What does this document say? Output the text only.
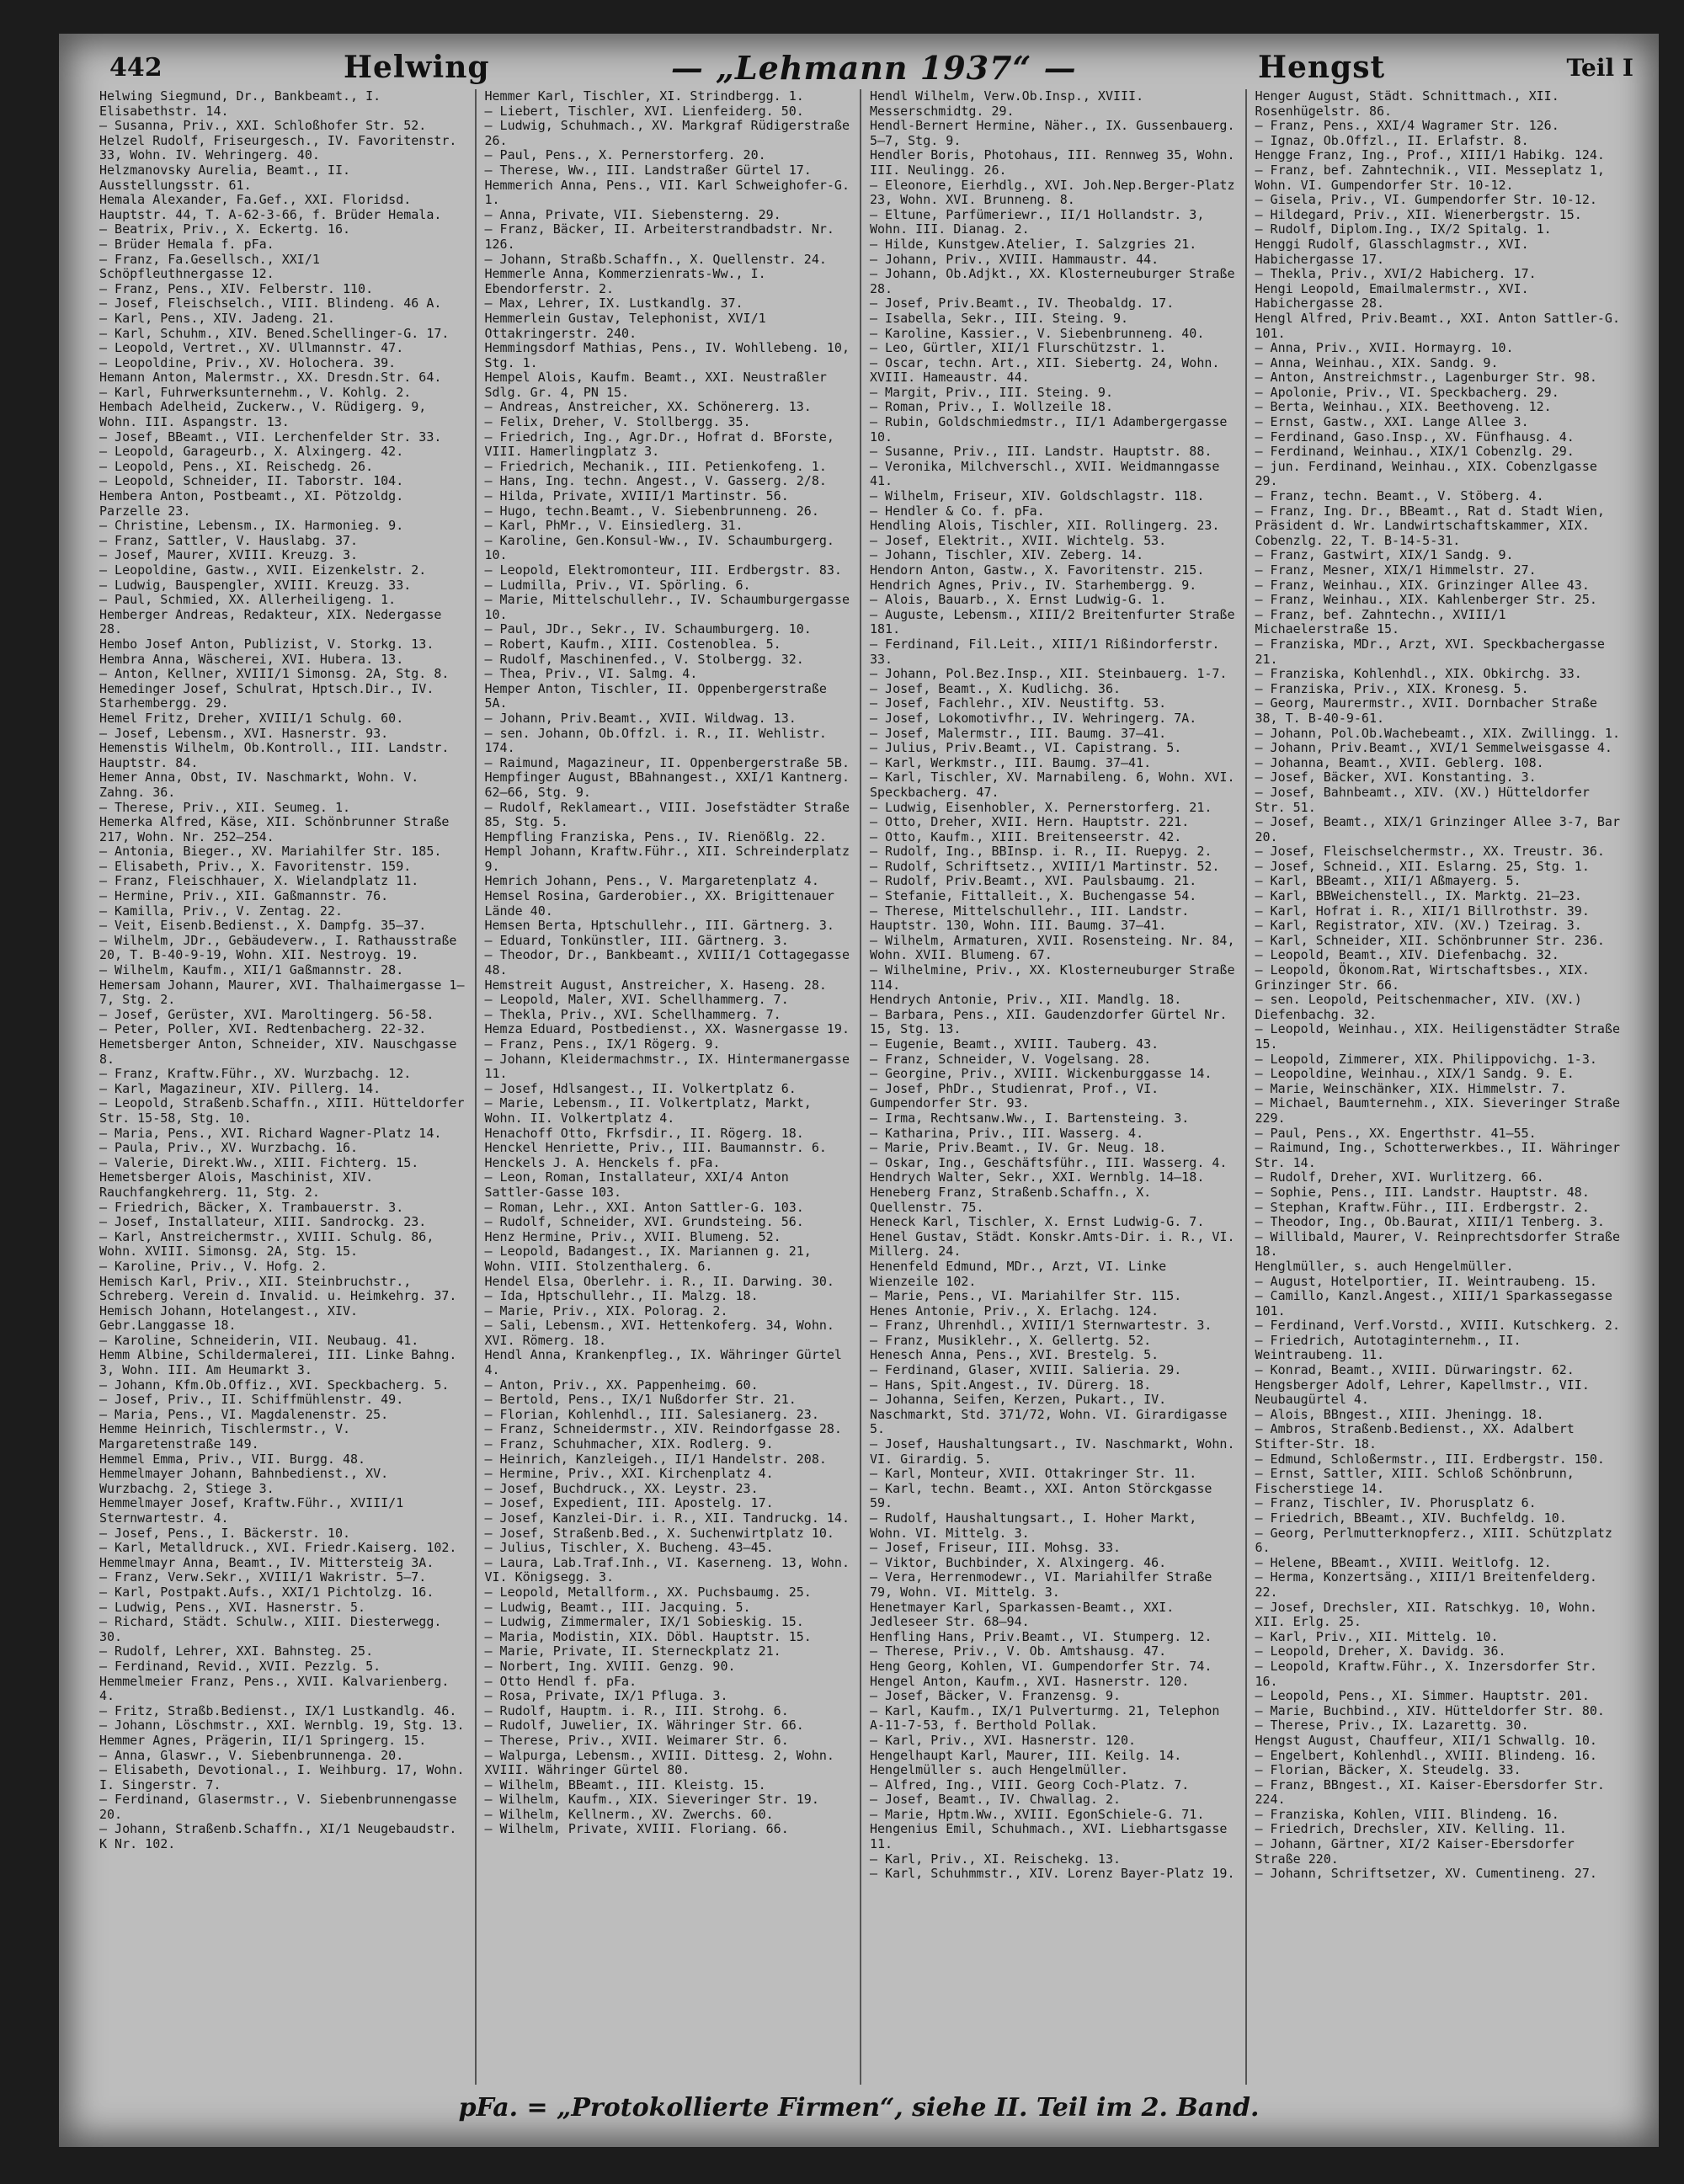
442	Helwing	— „Lehmann 1937“ —	Hengst	Teil I
Helwing Siegmund, Dr., Bankbeamt., I. Elisabethstr. 14.
— Susanna, Priv., XXI. Schloßhofer Str. 52.
Helzel Rudolf, Friseurgesch., IV. Favoritenstr. 33, Wohn. IV. Wehringerg. 40.
Helzmanovsky Aurelia, Beamt., II. Ausstellungsstr. 61.
Hemala Alexander, Fa.Gef., XXI. Floridsd. Hauptstr. 44, T. A-62-3-66, f. Brüder Hemala.
— Beatrix, Priv., X. Eckertg. 16.
— Brüder Hemala f. pFa.
— Franz, Fa.Gesellsch., XXI/1 Schöpfleuthnergasse 12.
— Franz, Pens., XIV. Felberstr. 110.
— Josef, Fleischselch., VIII. Blindeng. 46 A.
— Karl, Pens., XIV. Jadeng. 21.
— Karl, Schuhm., XIV. Bened.Schellinger-G. 17.
— Leopold, Vertret., XV. Ullmannstr. 47.
— Leopoldine, Priv., XV. Holochera. 39.
Hemann Anton, Malermstr., XX. Dresdn.Str. 64.
— Karl, Fuhrwerksunternehm., V. Kohlg. 2.
Hembach Adelheid, Zuckerw., V. Rüdigerg. 9, Wohn. III. Aspangstr. 13.
— Josef, BBeamt., VII. Lerchenfelder Str. 33.
— Leopold, Garageurb., X. Alxingerg. 42.
— Leopold, Pens., XI. Reischedg. 26.
— Leopold, Schneider, II. Taborstr. 104.
Hembera Anton, Postbeamt., XI. Pötzoldg. Parzelle 23.
— Christine, Lebensm., IX. Harmonieg. 9.
— Franz, Sattler, V. Hauslabg. 37.
— Josef, Maurer, XVIII. Kreuzg. 3.
— Leopoldine, Gastw., XVII. Eizenkelstr. 2.
— Ludwig, Bauspengler, XVIII. Kreuzg. 33.
— Paul, Schmied, XX. Allerheiligeng. 1.
Hemberger Andreas, Redakteur, XIX. Nedergasse 28.
Hembo Josef Anton, Publizist, V. Storkg. 13.
Hembra Anna, Wäscherei, XVI. Hubera. 13.
— Anton, Kellner, XVIII/1 Simonsg. 2A, Stg. 8.
Hemedinger Josef, Schulrat, Hptsch.Dir., IV. Starhembergg. 29.
Hemel Fritz, Dreher, XVIII/1 Schulg. 60.
— Josef, Lebensm., XVI. Hasnerstr. 93.
Hemenstis Wilhelm, Ob.Kontroll., III. Landstr. Hauptstr. 84.
Hemer Anna, Obst, IV. Naschmarkt, Wohn. V. Zahng. 36.
— Therese, Priv., XII. Seumeg. 1.
Hemerka Alfred, Käse, XII. Schönbrunner Straße 217, Wohn. Nr. 252—254.
— Antonia, Bieger., XV. Mariahilfer Str. 185.
— Elisabeth, Priv., X. Favoritenstr. 159.
— Franz, Fleischhauer, X. Wielandplatz 11.
— Hermine, Priv., XII. Gaßmannstr. 76.
— Kamilla, Priv., V. Zentag. 22.
— Veit, Eisenb.Bedienst., X. Dampfg. 35—37.
— Wilhelm, JDr., Gebäudeverw., I. Rathausstraße 20, T. B-40-9-19, Wohn. XII. Nestroyg. 19.
— Wilhelm, Kaufm., XII/1 Gaßmannstr. 28.
Hemersam Johann, Maurer, XVI. Thalhaimergasse 1—7, Stg. 2.
— Josef, Gerüster, XVI. Maroltingerg. 56-58.
— Peter, Poller, XVI. Redtenbacherg. 22-32.
Hemetsberger Anton, Schneider, XIV. Nauschgasse 8.
— Franz, Kraftw.Führ., XV. Wurzbachg. 12.
— Karl, Magazineur, XIV. Pillerg. 14.
— Leopold, Straßenb.Schaffn., XIII. Hütteldorfer Str. 15-58, Stg. 10.
— Maria, Pens., XVI. Richard Wagner-Platz 14.
— Paula, Priv., XV. Wurzbachg. 16.
— Valerie, Direkt.Ww., XIII. Fichterg. 15.
Hemetsberger Alois, Maschinist, XIV. Rauchfangkehrerg. 11, Stg. 2.
— Friedrich, Bäcker, X. Trambauerstr. 3.
— Josef, Installateur, XIII. Sandrockg. 23.
— Karl, Anstreichermstr., XVIII. Schulg. 86, Wohn. XVIII. Simonsg. 2A, Stg. 15.
— Karoline, Priv., V. Hofg. 2.
Hemisch Karl, Priv., XII. Steinbruchstr., Schreberg. Verein d. Invalid. u. Heimkehrg. 37.
Hemisch Johann, Hotelangest., XIV. Gebr.Langgasse 18.
— Karoline, Schneiderin, VII. Neubaug. 41.
Hemm Albine, Schildermalerei, III. Linke Bahng. 3, Wohn. III. Am Heumarkt 3.
— Johann, Kfm.Ob.Offiz., XVI. Speckbacherg. 5.
— Josef, Priv., II. Schiffmühlenstr. 49.
— Maria, Pens., VI. Magdalenenstr. 25.
Hemme Heinrich, Tischlermstr., V. Margaretenstraße 149.
Hemmel Emma, Priv., VII. Burgg. 48.
Hemmelmayer Johann, Bahnbedienst., XV. Wurzbachg. 2, Stiege 3.
Hemmelmayer Josef, Kraftw.Führ., XVIII/1 Sternwartestr. 4.
— Josef, Pens., I. Bäckerstr. 10.
— Karl, Metalldruck., XVI. Friedr.Kaiserg. 102.
Hemmelmayr Anna, Beamt., IV. Mittersteig 3A.
— Franz, Verw.Sekr., XVIII/1 Wakristr. 5—7.
— Karl, Postpakt.Aufs., XXI/1 Pichtolzg. 16.
— Ludwig, Pens., XVI. Hasnerstr. 5.
— Richard, Städt. Schulw., XIII. Diesterwegg. 30.
— Rudolf, Lehrer, XXI. Bahnsteg. 25.
— Ferdinand, Revid., XVII. Pezzlg. 5.
Hemmelmeier Franz, Pens., XVII. Kalvarienberg. 4.
— Fritz, Straßb.Bedienst., IX/1 Lustkandlg. 46.
— Johann, Löschmstr., XXI. Wernblg. 19, Stg. 13.
Hemmer Agnes, Prägerin, II/1 Springerg. 15.
— Anna, Glaswr., V. Siebenbrunnenga. 20.
— Elisabeth, Devotional., I. Weihburg. 17, Wohn. I. Singerstr. 7.
— Ferdinand, Glasermstr., V. Siebenbrunnengasse 20.
— Johann, Straßenb.Schaffn., XI/1 Neugebaudstr. K Nr. 102.
Hemmer Karl, Tischler, XI. Strindbergg. 1.
— Liebert, Tischler, XVI. Lienfeiderg. 50.
— Ludwig, Schuhmach., XV. Markgraf Rüdigerstraße 26.
— Paul, Pens., X. Pernerstorferg. 20.
— Therese, Ww., III. Landstraßer Gürtel 17.
Hemmerich Anna, Pens., VII. Karl Schweighofer-G. 1.
— Anna, Private, VII. Siebensterng. 29.
— Franz, Bäcker, II. Arbeiterstrandbadstr. Nr. 126.
— Johann, Straßb.Schaffn., X. Quellenstr. 24.
Hemmerle Anna, Kommerzienrats-Ww., I. Ebendorferstr. 2.
— Max, Lehrer, IX. Lustkandlg. 37.
Hemmerlein Gustav, Telephonist, XVI/1 Ottakringerstr. 240.
Hemmingsdorf Mathias, Pens., IV. Wohllebeng. 10, Stg. 1.
Hempel Alois, Kaufm. Beamt., XXI. Neustraßler Sdlg. Gr. 4, PN 15.
— Andreas, Anstreicher, XX. Schönererg. 13.
— Felix, Dreher, V. Stollbergg. 35.
— Friedrich, Ing., Agr.Dr., Hofrat d. BForste, VIII. Hamerlingplatz 3.
— Friedrich, Mechanik., III. Petienkofeng. 1.
— Hans, Ing. techn. Angest., V. Gasserg. 2/8.
— Hilda, Private, XVIII/1 Martinstr. 56.
— Hugo, techn.Beamt., V. Siebenbrunneng. 26.
— Karl, PhMr., V. Einsiedlerg. 31.
— Karoline, Gen.Konsul-Ww., IV. Schaumburgerg. 10.
— Leopold, Elektromonteur, III. Erdbergstr. 83.
— Ludmilla, Priv., VI. Spörling. 6.
— Marie, Mittelschullehr., IV. Schaumburgergasse 10.
— Paul, JDr., Sekr., IV. Schaumburgerg. 10.
— Robert, Kaufm., XIII. Costenoblea. 5.
— Rudolf, Maschinenfed., V. Stolbergg. 32.
— Thea, Priv., VI. Salmg. 4.
Hemper Anton, Tischler, II. Oppenbergerstraße 5A.
— Johann, Priv.Beamt., XVII. Wildwag. 13.
— sen. Johann, Ob.Offzl. i. R., II. Wehlistr. 174.
— Raimund, Magazineur, II. Oppenbergerstraße 5B.
Hempfinger August, BBahnangest., XXI/1 Kantnerg. 62—66, Stg. 9.
— Rudolf, Reklameart., VIII. Josefstädter Straße 85, Stg. 5.
Hempfling Franziska, Pens., IV. Rienößlg. 22.
Hempl Johann, Kraftw.Führ., XII. Schreinderplatz 9.
Hemrich Johann, Pens., V. Margaretenplatz 4.
Hemsel Rosina, Garderobier., XX. Brigittenauer Lände 40.
Hemsen Berta, Hptschullehr., III. Gärtnerg. 3.
— Eduard, Tonkünstler, III. Gärtnerg. 3.
— Theodor, Dr., Bankbeamt., XVIII/1 Cottagegasse 48.
Hemstreit August, Anstreicher, X. Haseng. 28.
— Leopold, Maler, XVI. Schellhammerg. 7.
— Thekla, Priv., XVI. Schellhammerg. 7.
Hemza Eduard, Postbedienst., XX. Wasnergasse 19.
— Franz, Pens., IX/1 Rögerg. 9.
— Johann, Kleidermachmstr., IX. Hintermanergasse 11.
— Josef, Hdlsangest., II. Volkertplatz 6.
— Marie, Lebensm., II. Volkertplatz, Markt, Wohn. II. Volkertplatz 4.
Henachoff Otto, Fkrfsdir., II. Rögerg. 18.
Henckel Henriette, Priv., III. Baumannstr. 6.
Henckels J. A. Henckels f. pFa.
— Leon, Roman, Installateur, XXI/4 Anton Sattler-Gasse 103.
— Roman, Lehr., XXI. Anton Sattler-G. 103.
— Rudolf, Schneider, XVI. Grundsteing. 56.
Henz Hermine, Priv., XVII. Blumeng. 52.
— Leopold, Badangest., IX. Mariannen g. 21, Wohn. VIII. Stolzenthalerg. 6.
Hendel Elsa, Oberlehr. i. R., II. Darwing. 30.
— Ida, Hptschullehr., II. Malzg. 18.
— Marie, Priv., XIX. Polorag. 2.
— Sali, Lebensm., XVI. Hettenkoferg. 34, Wohn. XVI. Römerg. 18.
Hendl Anna, Krankenpfleg., IX. Währinger Gürtel 4.
— Anton, Priv., XX. Pappenheimg. 60.
— Bertold, Pens., IX/1 Nußdorfer Str. 21.
— Florian, Kohlenhdl., III. Salesianerg. 23.
— Franz, Schneidermstr., XIV. Reindorfgasse 28.
— Franz, Schuhmacher, XIX. Rodlerg. 9.
— Heinrich, Kanzleigeh., II/1 Handelstr. 208.
— Hermine, Priv., XXI. Kirchenplatz 4.
— Josef, Buchdruck., XX. Leystr. 23.
— Josef, Expedient, III. Apostelg. 17.
— Josef, Kanzlei-Dir. i. R., XII. Tandruckg. 14.
— Josef, Straßenb.Bed., X. Suchenwirtplatz 10.
— Julius, Tischler, X. Bucheng. 43—45.
— Laura, Lab.Traf.Inh., VI. Kaserneng. 13, Wohn. VI. Königsegg. 3.
— Leopold, Metallform., XX. Puchsbaumg. 25.
— Ludwig, Beamt., III. Jacquing. 5.
— Ludwig, Zimmermaler, IX/1 Sobieskig. 15.
— Maria, Modistin, XIX. Döbl. Hauptstr. 15.
— Marie, Private, II. Sterneckplatz 21.
— Norbert, Ing. XVIII. Genzg. 90.
— Otto Hendl f. pFa.
— Rosa, Private, IX/1 Pfluga. 3.
— Rudolf, Hauptm. i. R., III. Strohg. 6.
— Rudolf, Juwelier, IX. Währinger Str. 66.
— Therese, Priv., XVII. Weimarer Str. 6.
— Walpurga, Lebensm., XVIII. Dittesg. 2, Wohn. XVIII. Währinger Gürtel 80.
— Wilhelm, BBeamt., III. Kleistg. 15.
— Wilhelm, Kaufm., XIX. Sieveringer Str. 19.
— Wilhelm, Kellnerm., XV. Zwerchs. 60.
— Wilhelm, Private, XVIII. Floriang. 66.
Hendl Wilhelm, Verw.Ob.Insp., XVIII. Messerschmidtg. 29.
Hendl-Bernert Hermine, Näher., IX. Gussenbauerg. 5—7, Stg. 9.
Hendler Boris, Photohaus, III. Rennweg 35, Wohn. III. Neulingg. 26.
— Eleonore, Eierhdlg., XVI. Joh.Nep.Berger-Platz 23, Wohn. XVI. Brunneng. 8.
— Eltune, Parfümeriewr., II/1 Hollandstr. 3, Wohn. III. Dianag. 2.
— Hilde, Kunstgew.Atelier, I. Salzgries 21.
— Johann, Priv., XVIII. Hammaustr. 44.
— Johann, Ob.Adjkt., XX. Klosterneuburger Straße 28.
— Josef, Priv.Beamt., IV. Theobaldg. 17.
— Isabella, Sekr., III. Steing. 9.
— Karoline, Kassier., V. Siebenbrunneng. 40.
— Leo, Gürtler, XII/1 Flurschützstr. 1.
— Oscar, techn. Art., XII. Siebertg. 24, Wohn. XVIII. Hameaustr. 44.
— Margit, Priv., III. Steing. 9.
— Roman, Priv., I. Wollzeile 18.
— Rubin, Goldschmiedmstr., II/1 Adambergergasse 10.
— Susanne, Priv., III. Landstr. Hauptstr. 88.
— Veronika, Milchverschl., XVII. Weidmanngasse 41.
— Wilhelm, Friseur, XIV. Goldschlagstr. 118.
— Hendler & Co. f. pFa.
Hendling Alois, Tischler, XII. Rollingerg. 23.
— Josef, Elektrit., XVII. Wichtelg. 53.
— Johann, Tischler, XIV. Zeberg. 14.
Hendorn Anton, Gastw., X. Favoritenstr. 215.
Hendrich Agnes, Priv., IV. Starhembergg. 9.
— Alois, Bauarb., X. Ernst Ludwig-G. 1.
— Auguste, Lebensm., XIII/2 Breitenfurter Straße 181.
— Ferdinand, Fil.Leit., XIII/1 Rißindorferstr. 33.
— Johann, Pol.Bez.Insp., XII. Steinbauerg. 1-7.
— Josef, Beamt., X. Kudlichg. 36.
— Josef, Fachlehr., XIV. Neustiftg. 53.
— Josef, Lokomotivfhr., IV. Wehringerg. 7A.
— Josef, Malermstr., III. Baumg. 37—41.
— Julius, Priv.Beamt., VI. Capistrang. 5.
— Karl, Werkmstr., III. Baumg. 37—41.
— Karl, Tischler, XV. Marnabileng. 6, Wohn. XVI. Speckbacherg. 47.
— Ludwig, Eisenhobler, X. Pernerstorferg. 21.
— Otto, Dreher, XVII. Hern. Hauptstr. 221.
— Otto, Kaufm., XIII. Breitenseerstr. 42.
— Rudolf, Ing., BBInsp. i. R., II. Ruepyg. 2.
— Rudolf, Schriftsetz., XVIII/1 Martinstr. 52.
— Rudolf, Priv.Beamt., XVI. Paulsbaumg. 21.
— Stefanie, Fittalleit., X. Buchengasse 54.
— Therese, Mittelschullehr., III. Landstr. Hauptstr. 130, Wohn. III. Baumg. 37—41.
— Wilhelm, Armaturen, XVII. Rosensteing. Nr. 84, Wohn. XVII. Blumeng. 67.
— Wilhelmine, Priv., XX. Klosterneuburger Straße 114.
Hendrych Antonie, Priv., XII. Mandlg. 18.
— Barbara, Pens., XII. Gaudenzdorfer Gürtel Nr. 15, Stg. 13.
— Eugenie, Beamt., XVIII. Tauberg. 43.
— Franz, Schneider, V. Vogelsang. 28.
— Georgine, Priv., XVIII. Wickenburggasse 14.
— Josef, PhDr., Studienrat, Prof., VI. Gumpendorfer Str. 93.
— Irma, Rechtsanw.Ww., I. Bartensteing. 3.
— Katharina, Priv., III. Wasserg. 4.
— Marie, Priv.Beamt., IV. Gr. Neug. 18.
— Oskar, Ing., Geschäftsführ., III. Wasserg. 4.
Hendrych Walter, Sekr., XXI. Wernblg. 14—18.
Heneberg Franz, Straßenb.Schaffn., X. Quellenstr. 75.
Heneck Karl, Tischler, X. Ernst Ludwig-G. 7.
Henel Gustav, Städt. Konskr.Amts-Dir. i. R., VI. Millerg. 24.
Henenfeld Edmund, MDr., Arzt, VI. Linke Wienzeile 102.
— Marie, Pens., VI. Mariahilfer Str. 115.
Henes Antonie, Priv., X. Erlachg. 124.
— Franz, Uhrenhdl., XVIII/1 Sternwartestr. 3.
— Franz, Musiklehr., X. Gellertg. 52.
Henesch Anna, Pens., XVI. Brestelg. 5.
— Ferdinand, Glaser, XVIII. Salieria. 29.
— Hans, Spit.Angest., IV. Dürerg. 18.
— Johanna, Seifen, Kerzen, Pukart., IV. Naschmarkt, Std. 371/72, Wohn. VI. Girardigasse 5.
— Josef, Haushaltungsart., IV. Naschmarkt, Wohn. VI. Girardig. 5.
— Karl, Monteur, XVII. Ottakringer Str. 11.
— Karl, techn. Beamt., XXI. Anton Störckgasse 59.
— Rudolf, Haushaltungsart., I. Hoher Markt, Wohn. VI. Mittelg. 3.
— Josef, Friseur, III. Mohsg. 33.
— Viktor, Buchbinder, X. Alxingerg. 46.
— Vera, Herrenmodewr., VI. Mariahilfer Straße 79, Wohn. VI. Mittelg. 3.
Henetmayer Karl, Sparkassen-Beamt., XXI. Jedleseer Str. 68—94.
Henfling Hans, Priv.Beamt., VI. Stumperg. 12.
— Therese, Priv., V. Ob. Amtshausg. 47.
Heng Georg, Kohlen, VI. Gumpendorfer Str. 74.
Hengel Anton, Kaufm., XVI. Hasnerstr. 120.
— Josef, Bäcker, V. Franzensg. 9.
— Karl, Kaufm., IX/1 Pulverturmg. 21, Telephon A-11-7-53, f. Berthold Pollak.
— Karl, Priv., XVI. Hasnerstr. 120.
Hengelhaupt Karl, Maurer, III. Keilg. 14.
Hengelmüller s. auch Hengelmüller.
— Alfred, Ing., VIII. Georg Coch-Platz. 7.
— Josef, Beamt., IV. Chwallag. 2.
— Marie, Hptm.Ww., XVIII. EgonSchiele-G. 71.
Hengenius Emil, Schuhmach., XVI. Liebhartsgasse 11.
— Karl, Priv., XI. Reischekg. 13.
— Karl, Schuhmmstr., XIV. Lorenz Bayer-Platz 19.
Henger August, Städt. Schnittmach., XII. Rosenhügelstr. 86.
— Franz, Pens., XXI/4 Wagramer Str. 126.
— Ignaz, Ob.Offzl., II. Erlafstr. 8.
Hengge Franz, Ing., Prof., XIII/1 Habikg. 124.
— Franz, bef. Zahntechnik., VII. Messeplatz 1, Wohn. VI. Gumpendorfer Str. 10-12.
— Gisela, Priv., VI. Gumpendorfer Str. 10-12.
— Hildegard, Priv., XII. Wienerbergstr. 15.
— Rudolf, Diplom.Ing., IX/2 Spitalg. 1.
Henggi Rudolf, Glasschlagmstr., XVI. Habichergasse 17.
— Thekla, Priv., XVI/2 Habicherg. 17.
Hengi Leopold, Emailmalermstr., XVI. Habichergasse 28.
Hengl Alfred, Priv.Beamt., XXI. Anton Sattler-G. 101.
— Anna, Priv., XVII. Hormayrg. 10.
— Anna, Weinhau., XIX. Sandg. 9.
— Anton, Anstreichmstr., Lagenburger Str. 98.
— Apolonie, Priv., VI. Speckbacherg. 29.
— Berta, Weinhau., XIX. Beethoveng. 12.
— Ernst, Gastw., XXI. Lange Allee 3.
— Ferdinand, Gaso.Insp., XV. Fünfhausg. 4.
— Ferdinand, Weinhau., XIX/1 Cobenzlg. 29.
— jun. Ferdinand, Weinhau., XIX. Cobenzlgasse 29.
— Franz, techn. Beamt., V. Stöberg. 4.
— Franz, Ing. Dr., BBeamt., Rat d. Stadt Wien, Präsident d. Wr. Landwirtschaftskammer, XIX. Cobenzlg. 22, T. B-14-5-31.
— Franz, Gastwirt, XIX/1 Sandg. 9.
— Franz, Mesner, XIX/1 Himmelstr. 27.
— Franz, Weinhau., XIX. Grinzinger Allee 43.
— Franz, Weinhau., XIX. Kahlenberger Str. 25.
— Franz, bef. Zahntechn., XVIII/1 Michaelerstraße 15.
— Franziska, MDr., Arzt, XVI. Speckbachergasse 21.
— Franziska, Kohlenhdl., XIX. Obkirchg. 33.
— Franziska, Priv., XIX. Kronesg. 5.
— Georg, Maurermstr., XVII. Dornbacher Straße 38, T. B-40-9-61.
— Johann, Pol.Ob.Wachebeamt., XIX. Zwillingg. 1.
— Johann, Priv.Beamt., XVI/1 Semmelweisgasse 4.
— Johanna, Beamt., XVII. Geblerg. 108.
— Josef, Bäcker, XVI. Konstanting. 3.
— Josef, Bahnbeamt., XIV. (XV.) Hütteldorfer Str. 51.
— Josef, Beamt., XIX/1 Grinzinger Allee 3-7, Bar 20.
— Josef, Fleischselchermstr., XX. Treustr. 36.
— Josef, Schneid., XII. Eslarng. 25, Stg. 1.
— Karl, BBeamt., XII/1 Aßmayerg. 5.
— Karl, BBWeichenstell., IX. Marktg. 21—23.
— Karl, Hofrat i. R., XII/1 Billrothstr. 39.
— Karl, Registrator, XIV. (XV.) Tzeirag. 3.
— Karl, Schneider, XII. Schönbrunner Str. 236.
— Leopold, Beamt., XIV. Diefenbachg. 32.
— Leopold, Ökonom.Rat, Wirtschaftsbes., XIX. Grinzinger Str. 66.
— sen. Leopold, Peitschenmacher, XIV. (XV.) Diefenbachg. 32.
— Leopold, Weinhau., XIX. Heiligenstädter Straße 15.
— Leopold, Zimmerer, XIX. Philippovichg. 1-3.
— Leopoldine, Weinhau., XIX/1 Sandg. 9. E.
— Marie, Weinschänker, XIX. Himmelstr. 7.
— Michael, Baumternehm., XIX. Sieveringer Straße 229.
— Paul, Pens., XX. Engerthstr. 41—55.
— Raimund, Ing., Schotterwerkbes., II. Währinger Str. 14.
— Rudolf, Dreher, XVI. Wurlitzerg. 66.
— Sophie, Pens., III. Landstr. Hauptstr. 48.
— Stephan, Kraftw.Führ., III. Erdbergstr. 2.
— Theodor, Ing., Ob.Baurat, XIII/1 Tenberg. 3.
— Willibald, Maurer, V. Reinprechtsdorfer Straße 18.
Henglmüller, s. auch Hengelmüller.
— August, Hotelportier, II. Weintraubeng. 15.
— Camillo, Kanzl.Angest., XIII/1 Sparkassegasse 101.
— Ferdinand, Verf.Vorstd., XVIII. Kutschkerg. 2.
— Friedrich, Autotaginternehm., II. Weintraubeng. 11.
— Konrad, Beamt., XVIII. Dürwaringstr. 62.
Hengsberger Adolf, Lehrer, Kapellmstr., VII. Neubaugürtel 4.
— Alois, BBngest., XIII. Jheningg. 18.
— Ambros, Straßenb.Bedienst., XX. Adalbert Stifter-Str. 18.
— Edmund, Schloßermstr., III. Erdbergstr. 150.
— Ernst, Sattler, XIII. Schloß Schönbrunn, Fischerstiege 14.
— Franz, Tischler, IV. Phorusplatz 6.
— Friedrich, BBeamt., XIV. Buchfeldg. 10.
— Georg, Perlmutterknopferz., XIII. Schützplatz 6.
— Helene, BBeamt., XVIII. Weitlofg. 12.
— Herma, Konzertsäng., XIII/1 Breitenfelderg. 22.
— Josef, Drechsler, XII. Ratschkyg. 10, Wohn. XII. Erlg. 25.
— Karl, Priv., XII. Mittelg. 10.
— Leopold, Dreher, X. Davidg. 36.
— Leopold, Kraftw.Führ., X. Inzersdorfer Str. 16.
— Leopold, Pens., XI. Simmer. Hauptstr. 201.
— Marie, Buchbind., XIV. Hütteldorfer Str. 80.
— Therese, Priv., IX. Lazarettg. 30.
Hengst August, Chauffeur, XII/1 Schwallg. 10.
— Engelbert, Kohlenhdl., XVIII. Blindeng. 16.
— Florian, Bäcker, X. Steudelg. 33.
— Franz, BBngest., XI. Kaiser-Ebersdorfer Str. 224.
— Franziska, Kohlen, VIII. Blindeng. 16.
— Friedrich, Drechsler, XIV. Kelling. 11.
— Johann, Gärtner, XI/2 Kaiser-Ebersdorfer Straße 220.
— Johann, Schriftsetzer, XV. Cumentineng. 27.
pFa. = „Protokollierte Firmen“, siehe II. Teil im 2. Band.
